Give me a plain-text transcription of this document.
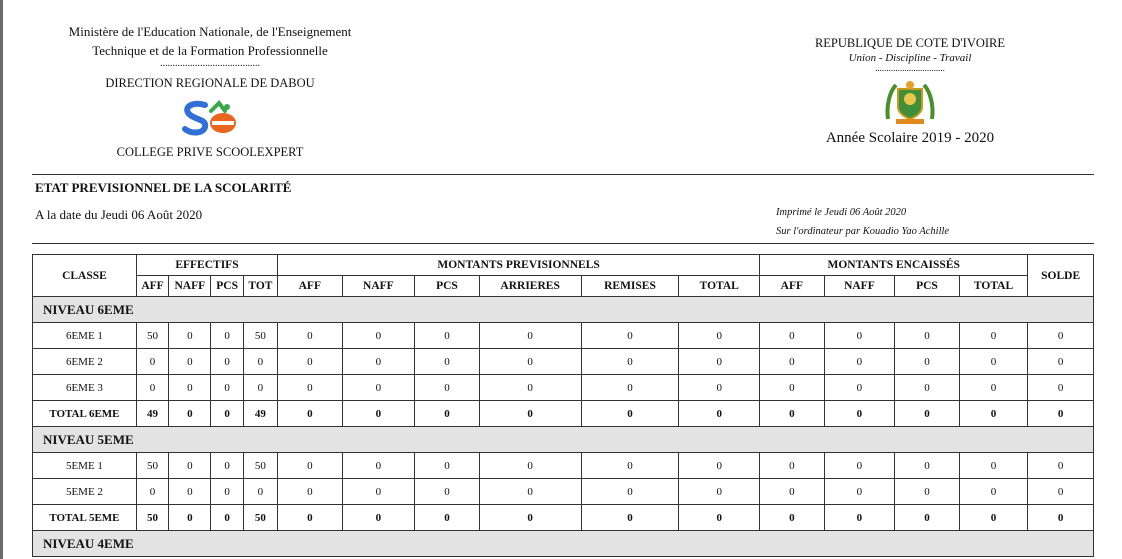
Ministère de l'Education Nationale, de l'Enseignement
Technique et de la Formation Professionnelle
........................................
DIRECTION REGIONALE DE DABOU
COLLEGE PRIVE SCOOLEXPERT
REPUBLIQUE DE COTE D'IVOIRE
Union - Discipline - Travail
...............................
Année Scolaire 2019 - 2020
ETAT PREVISIONNEL DE LA SCOLARITÉ
A la date du Jeudi 06 Août 2020	Imprimé le Jeudi 06 Août 2020
Sur l'ordinateur par Kouadio Yao Achille
CLASSE	EFFECTIFS				MONTANTS PREVISIONNELS						MONTANTS ENCAISSÉS				SOLDE
	AFF	NAFF	PCS	TOT	AFF	NAFF	PCS	ARRIERES	REMISES	TOTAL	AFF	NAFF	PCS	TOTAL	
NIVEAU 6EME															
6EME 1	50	0	0	50	0	0	0	0	0	0	0	0	0	0	0
6EME 2	0	0	0	0	0	0	0	0	0	0	0	0	0	0	0
6EME 3	0	0	0	0	0	0	0	0	0	0	0	0	0	0	0
TOTAL 6EME	49	0	0	49	0	0	0	0	0	0	0	0	0	0	0
NIVEAU 5EME															
5EME 1	50	0	0	50	0	0	0	0	0	0	0	0	0	0	0
5EME 2	0	0	0	0	0	0	0	0	0	0	0	0	0	0	0
TOTAL 5EME	50	0	0	50	0	0	0	0	0	0	0	0	0	0	0
NIVEAU 4EME															
